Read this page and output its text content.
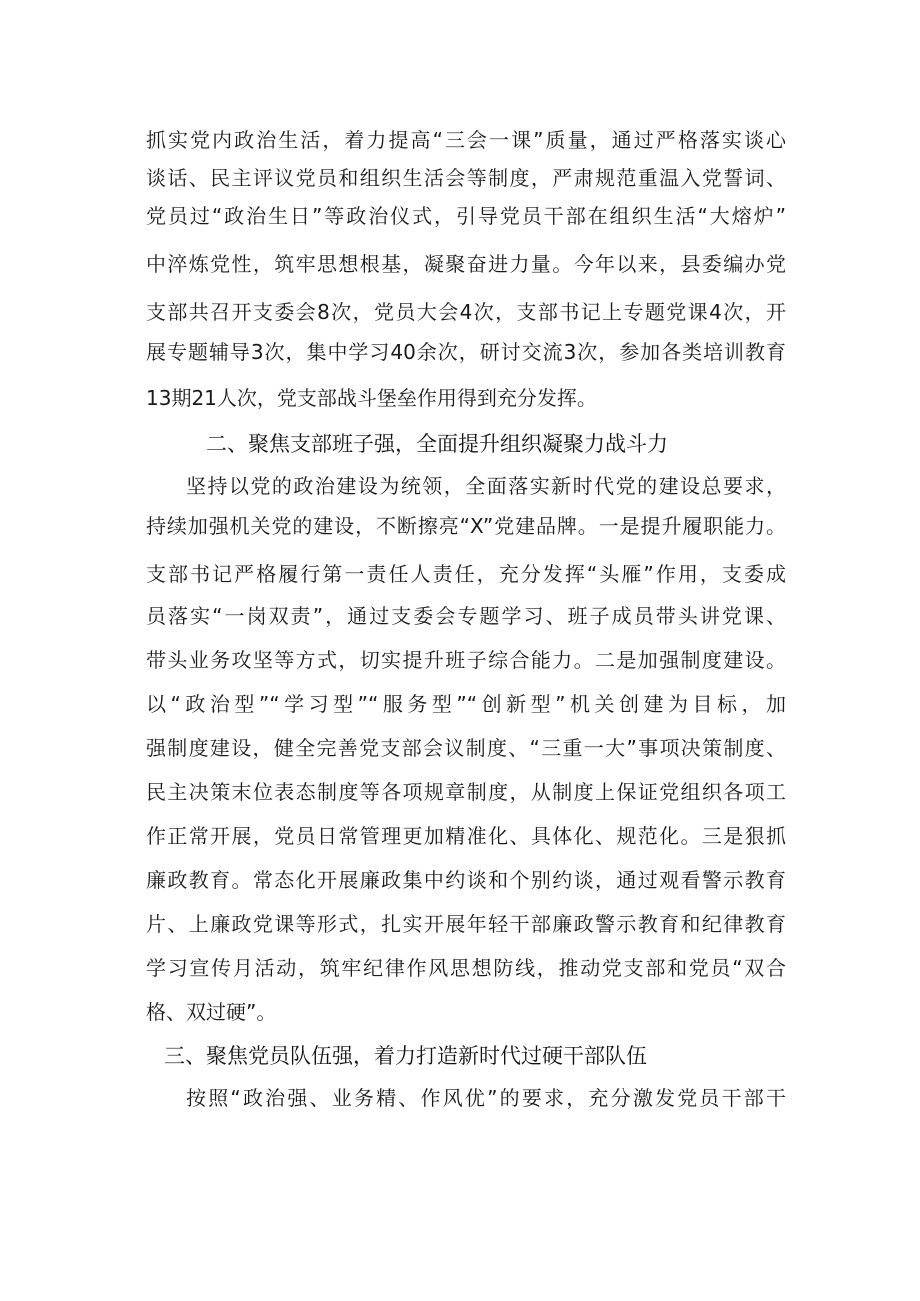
抓实党内政治生活，着力提高“三会一课”质量，通过严格落实谈心
谈话、民主评议党员和组织生活会等制度，严肃规范重温入党誓词、
党员过“政治生日”等政治仪式，引导党员干部在组织生活“大熔炉”
中淬炼党性，筑牢思想根基，凝聚奋进力量。今年以来，县委编办党
支部共召开支委会8次，党员大会4次，支部书记上专题党课4次，开
展专题辅导3次，集中学习40余次，研讨交流3次，参加各类培训教育
13期21人次，党支部战斗堡垒作用得到充分发挥。
二、聚焦支部班子强，全面提升组织凝聚力战斗力
坚持以党的政治建设为统领，全面落实新时代党的建设总要求，
持续加强机关党的建设，不断擦亮“X”党建品牌。一是提升履职能力。
支部书记严格履行第一责任人责任，充分发挥“头雁”作用，支委成
员落实“一岗双责”，通过支委会专题学习、班子成员带头讲党课、
带头业务攻坚等方式，切实提升班子综合能力。二是加强制度建设。
以“政治型”“学习型”“服务型”“创新型”机关创建为目标，加
强制度建设，健全完善党支部会议制度、“三重一大”事项决策制度、
民主决策末位表态制度等各项规章制度，从制度上保证党组织各项工
作正常开展，党员日常管理更加精准化、具体化、规范化。三是狠抓
廉政教育。常态化开展廉政集中约谈和个别约谈，通过观看警示教育
片、上廉政党课等形式，扎实开展年轻干部廉政警示教育和纪律教育
学习宣传月活动，筑牢纪律作风思想防线，推动党支部和党员“双合
格、双过硬”。
三、聚焦党员队伍强，着力打造新时代过硬干部队伍
按照“政治强、业务精、作风优”的要求，充分激发党员干部干
